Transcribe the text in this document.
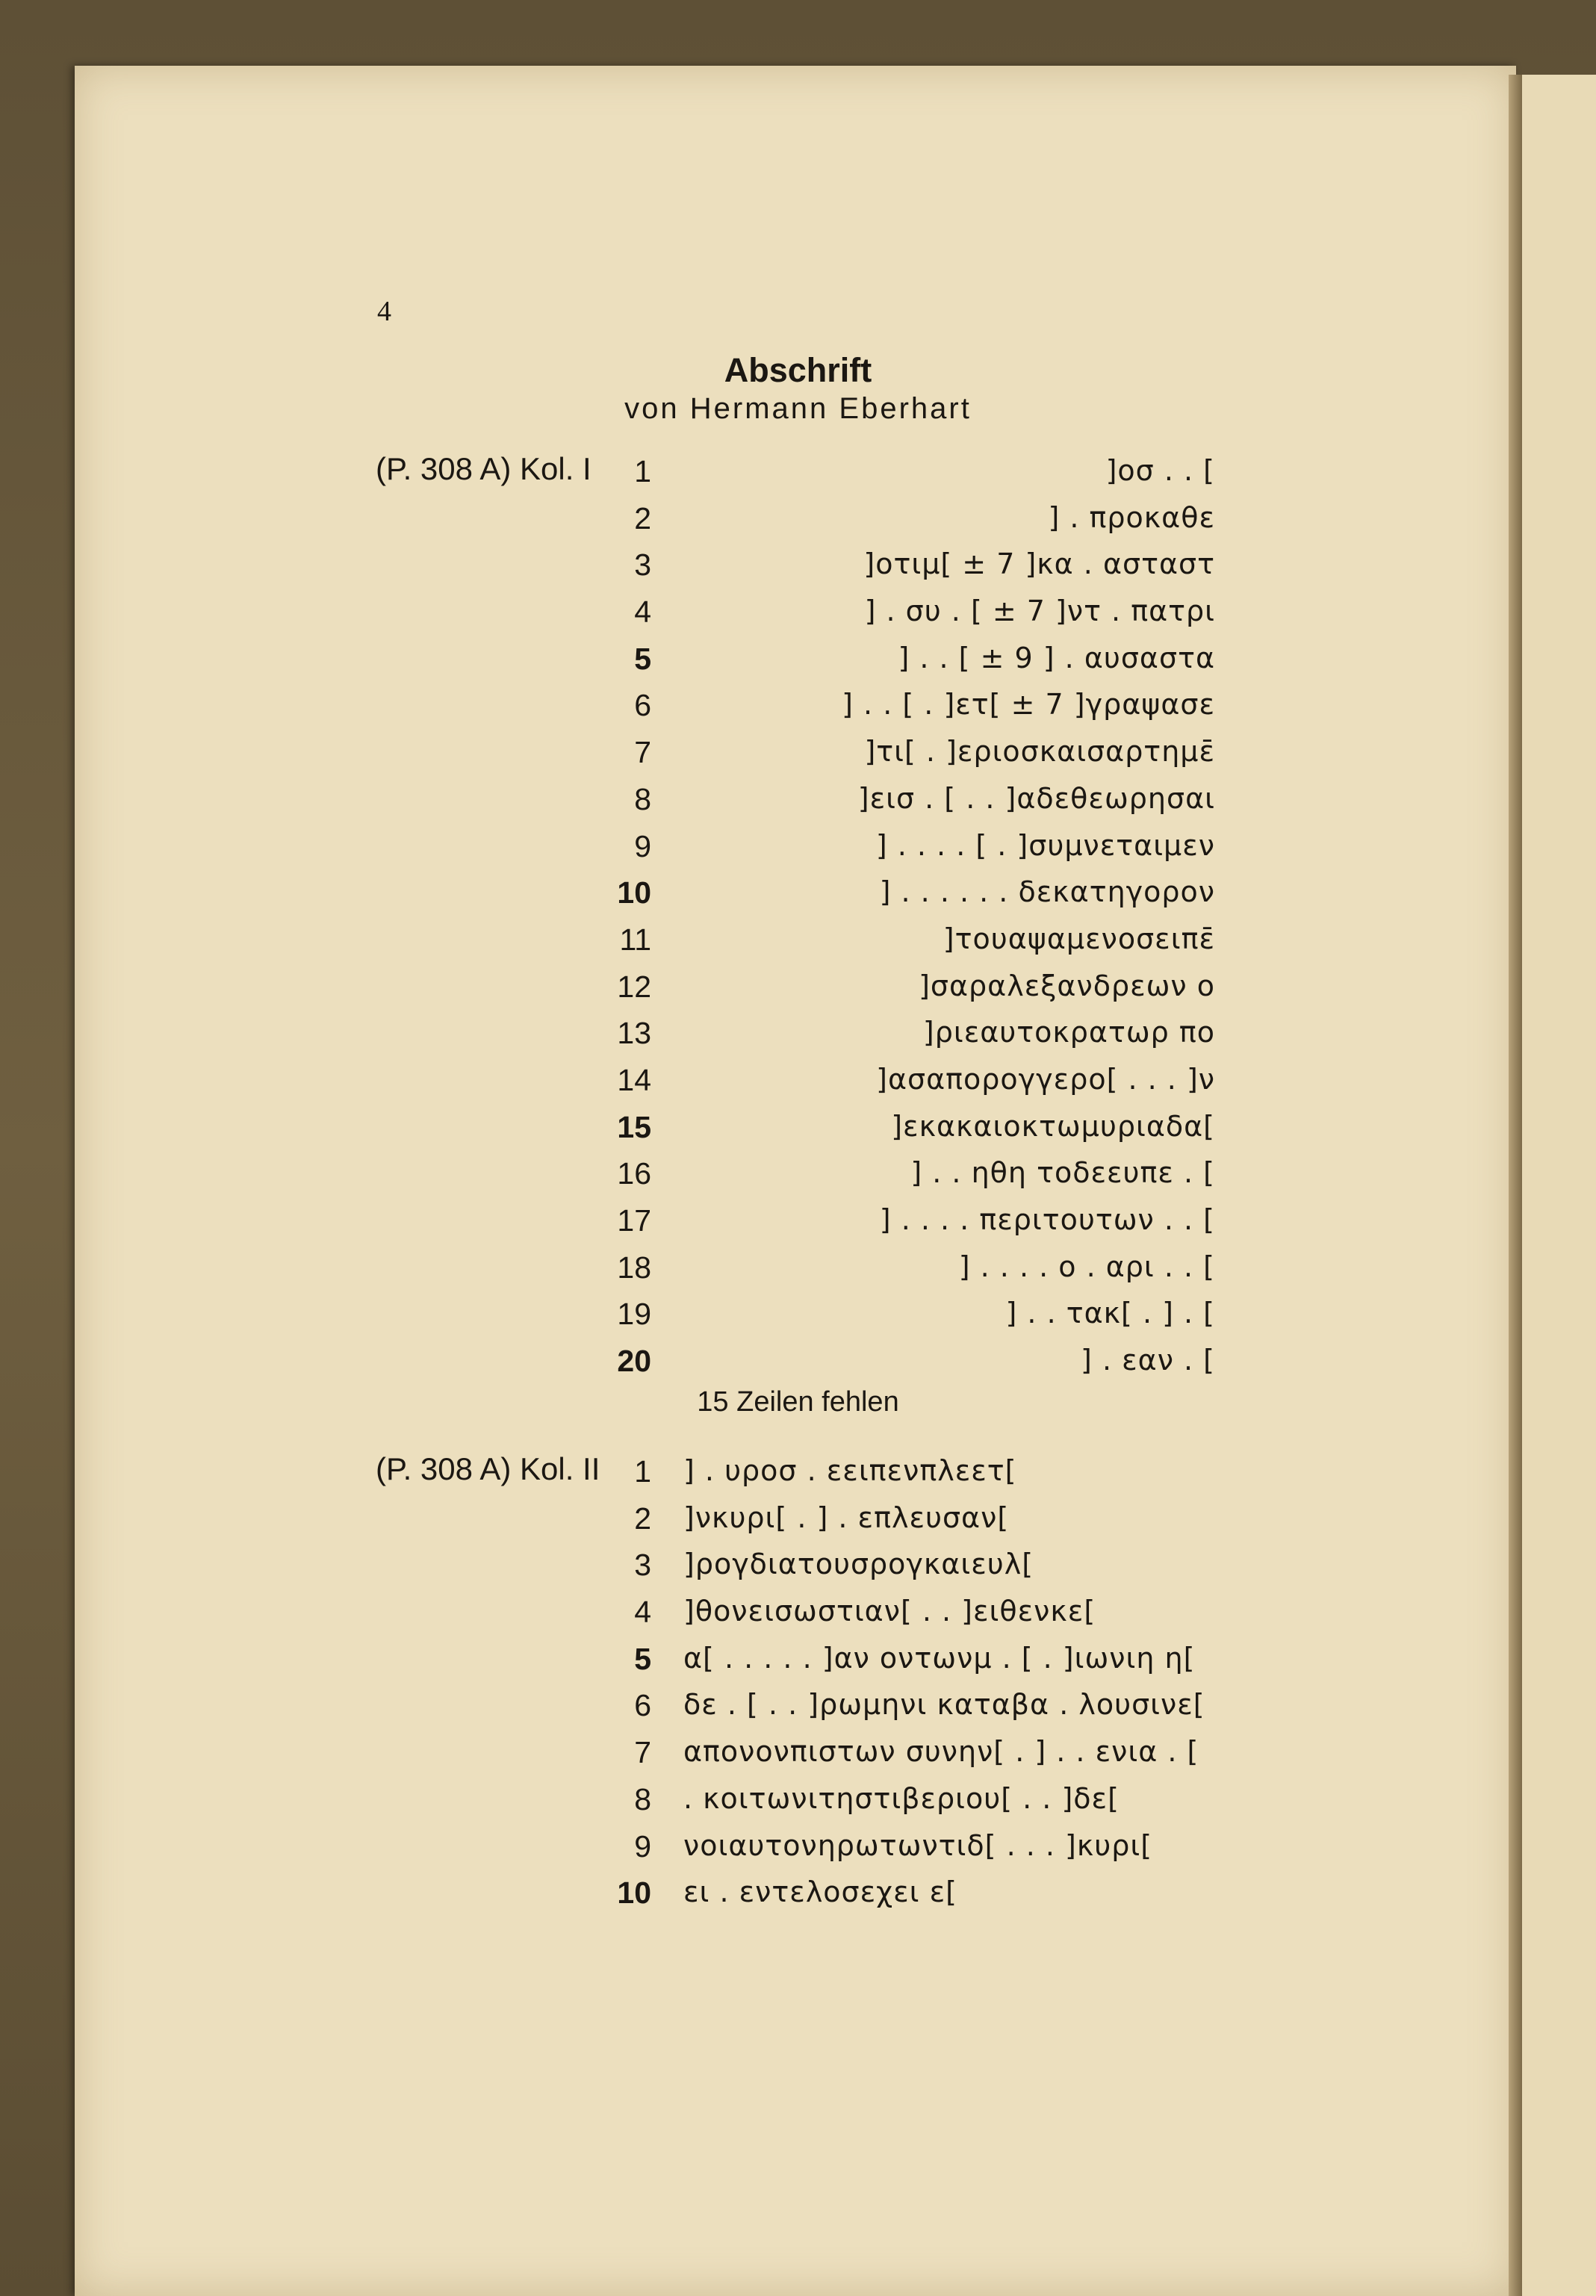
4
Abschrift
von Hermann Eberhart
(P. 308 A) Kol. I 1	]οσ . . [
2	] . προκαθε
3	]οτιμ[ ± 7 ]κα . ασταστ
4	] . συ . [ ± 7 ]ντ . πατρι
5	] . . [ ± 9 ] . αυσαστα
6	] . . [ . ]ετ[ ± 7 ]γραψασε
7	]τι[ . ]εριοσκαισαρτημε̄
8	]εισ . [ . . ]αδεθεωρησαι
9	] . . . . [ . ]συμνεταιμεν
10	] . . . . . . δεκατηγορον
11	]τουαψαμενοσειπε̄
12	]σαραλεξανδρεων ο
13	]ριεαυτοκρατωρ πο
14	]ασαπορογγερο[ . . . ]ν
15	]εκακαιοκτωμυριαδα[
16	] . . ηθη τοδεευπε . [
17	] . . . . περιτουτων . . [
18	] . . . . ο . αρι . . [
19	] . . τακ[ . ] . [
20	] . εαν . [
15 Zeilen fehlen
(P. 308 A) Kol. II 1 ] . υροσ . εειπενπλεετ[
2 ]νκυρι[ . ] . επλευσαν[
3 ]ρογδιατουσρογκαιευλ[
4 ]θονεισωστιαν[ . . ]ειθενκε[
5 α[ . . . . . ]αν οντωνμ . [ . ]ιωνιη η[
6 δε . [ . . ]ρωμηνι καταβα . λουσινε[
7 απονονπιστων συνην[ . ] . . ενια . [
8 . κοιτωνιτηστιβεριου[ . . ]δε[
9 νοιαυτονηρωτωντιδ[ . . . ]κυρι[
10 ει . εντελοσεχει ε[
